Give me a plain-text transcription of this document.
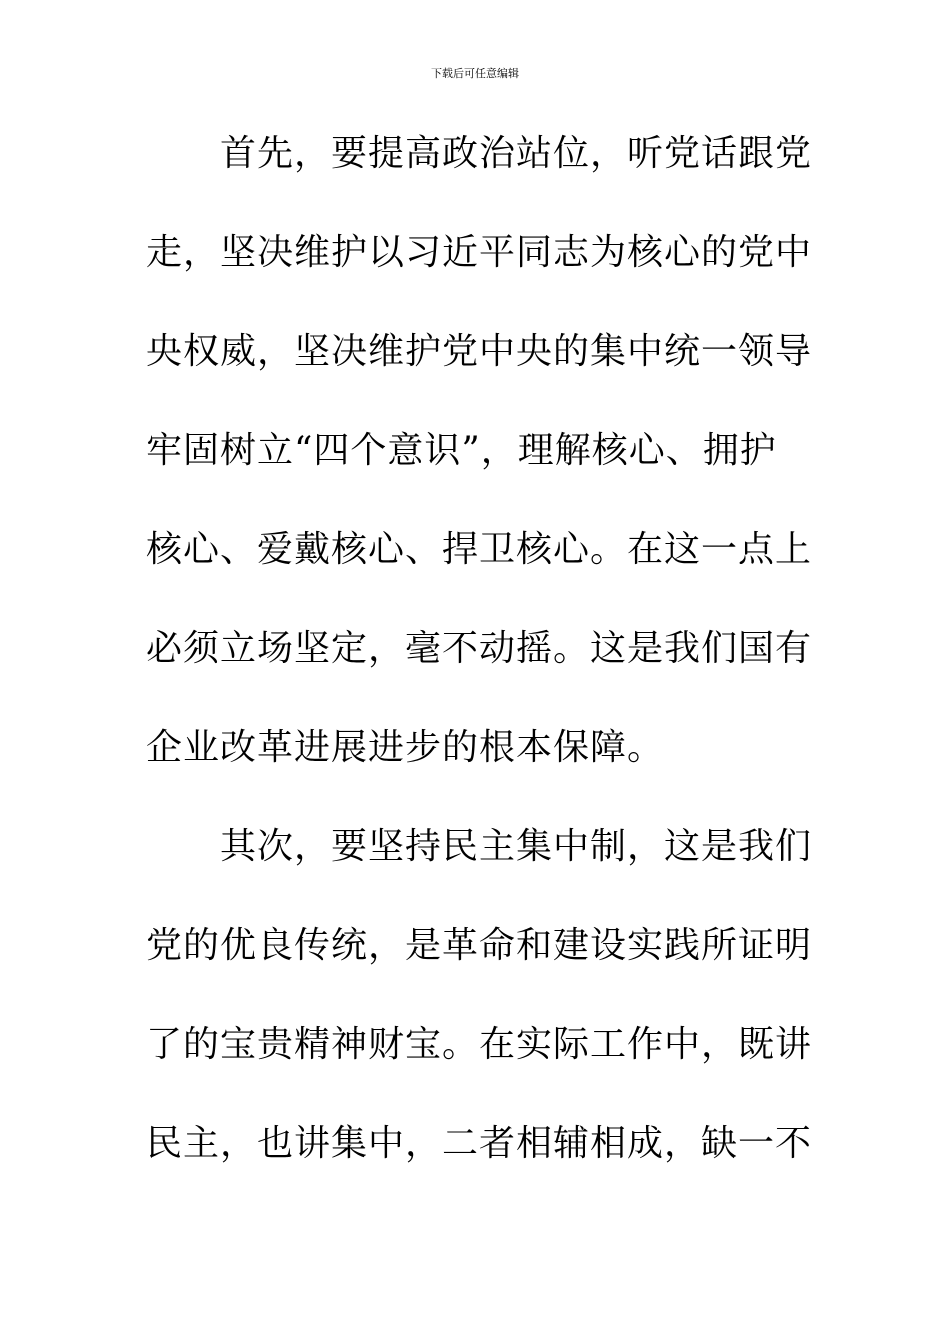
下载后可任意编辑
首先，要提高政治站位，听党话跟党
走，坚决维护以习近平同志为核心的党中
央权威，坚决维护党中央的集中统一领导
牢固树立“四个意识”，理解核心、拥护
核心、爱戴核心、捍卫核心。在这一点上
必须立场坚定，毫不动摇。这是我们国有
企业改革进展进步的根本保障。
其次，要坚持民主集中制，这是我们
党的优良传统，是革命和建设实践所证明
了的宝贵精神财宝。在实际工作中，既讲
民主，也讲集中，二者相辅相成，缺一不
